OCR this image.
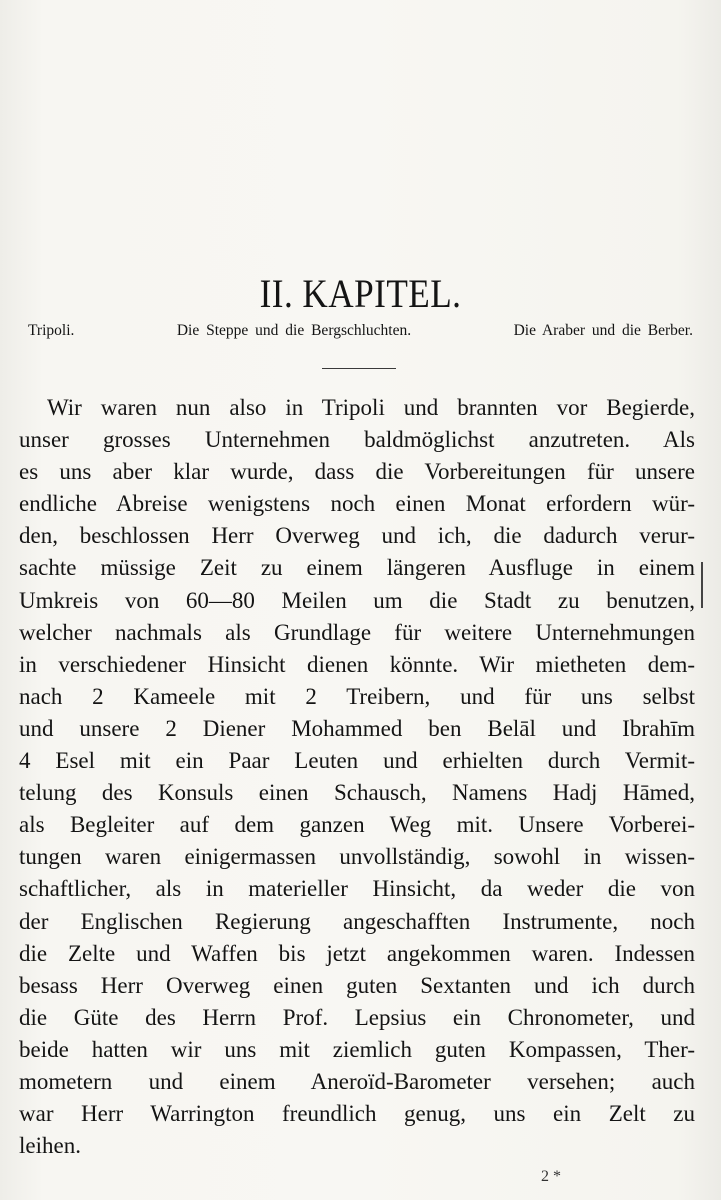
II. KAPITEL.

Tripoli.	Die Steppe und die Bergschluchten.	Die Araber und die Berber.

Wir waren nun also in Tripoli und brannten vor Begierde,
unser grosses Unternehmen baldmöglichst anzutreten. Als
es uns aber klar wurde, dass die Vorbereitungen für unsere
endliche Abreise wenigstens noch einen Monat erfordern wür-
den, beschlossen Herr Overweg und ich, die dadurch verur-
sachte müssige Zeit zu einem längeren Ausfluge in einem
Umkreis von 60—80 Meilen um die Stadt zu benutzen,
welcher nachmals als Grundlage für weitere Unternehmungen
in verschiedener Hinsicht dienen könnte. Wir mietheten dem-
nach 2 Kameele mit 2 Treibern, und für uns selbst
und unsere 2 Diener Mohammed ben Belāl und Ibrahīm
4 Esel mit ein Paar Leuten und erhielten durch Vermit-
telung des Konsuls einen Schausch, Namens Hadj Hāmed,
als Begleiter auf dem ganzen Weg mit. Unsere Vorberei-
tungen waren einigermassen unvollständig, sowohl in wissen-
schaftlicher, als in materieller Hinsicht, da weder die von
der Englischen Regierung angeschafften Instrumente, noch
die Zelte und Waffen bis jetzt angekommen waren. Indessen
besass Herr Overweg einen guten Sextanten und ich durch
die Güte des Herrn Prof. Lepsius ein Chronometer, und
beide hatten wir uns mit ziemlich guten Kompassen, Ther-
mometern und einem Aneroïd-Barometer versehen; auch
war Herr Warrington freundlich genug, uns ein Zelt zu
leihen.

2 *
